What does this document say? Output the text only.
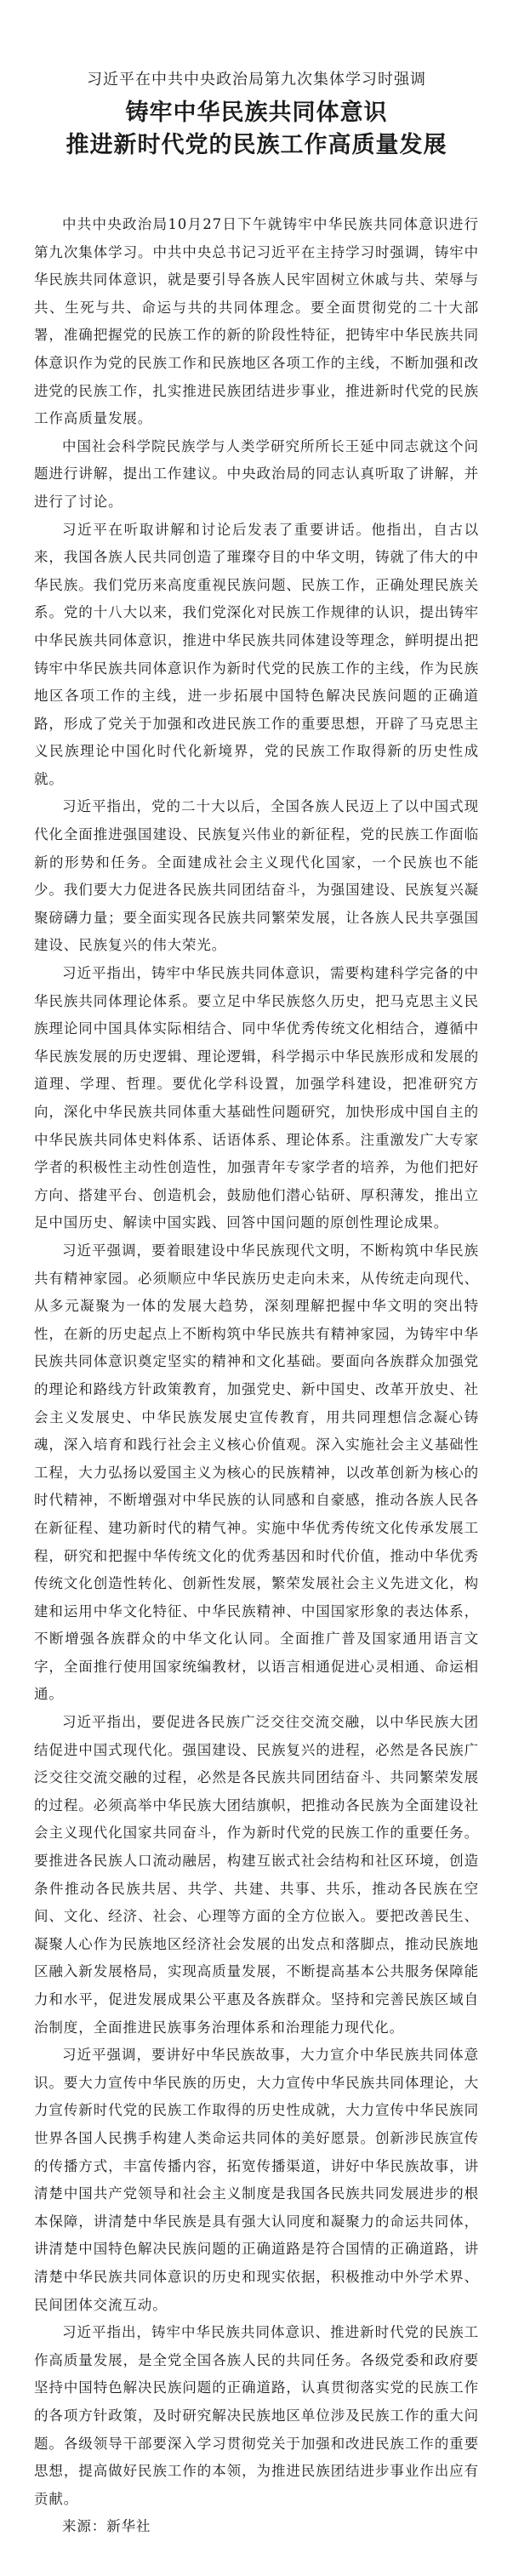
习近平在中共中央政治局第九次集体学习时强调
铸牢中华民族共同体意识
推进新时代党的民族工作高质量发展

中共中央政治局10月27日下午就铸牢中华民族共同体意识进行第九次集体学习。中共中央总书记习近平在主持学习时强调，铸牢中华民族共同体意识，就是要引导各族人民牢固树立休戚与共、荣辱与共、生死与共、命运与共的共同体理念。要全面贯彻党的二十大部署，准确把握党的民族工作的新的阶段性特征，把铸牢中华民族共同体意识作为党的民族工作和民族地区各项工作的主线，不断加强和改进党的民族工作，扎实推进民族团结进步事业，推进新时代党的民族工作高质量发展。

中国社会科学院民族学与人类学研究所所长王延中同志就这个问题进行讲解，提出工作建议。中央政治局的同志认真听取了讲解，并进行了讨论。

习近平在听取讲解和讨论后发表了重要讲话。他指出，自古以来，我国各族人民共同创造了璀璨夺目的中华文明，铸就了伟大的中华民族。我们党历来高度重视民族问题、民族工作，正确处理民族关系。党的十八大以来，我们党深化对民族工作规律的认识，提出铸牢中华民族共同体意识，推进中华民族共同体建设等理念，鲜明提出把铸牢中华民族共同体意识作为新时代党的民族工作的主线，作为民族地区各项工作的主线，进一步拓展中国特色解决民族问题的正确道路，形成了党关于加强和改进民族工作的重要思想，开辟了马克思主义民族理论中国化时代化新境界，党的民族工作取得新的历史性成就。

习近平指出，党的二十大以后，全国各族人民迈上了以中国式现代化全面推进强国建设、民族复兴伟业的新征程，党的民族工作面临新的形势和任务。全面建成社会主义现代化国家，一个民族也不能少。我们要大力促进各民族共同团结奋斗，为强国建设、民族复兴凝聚磅礴力量；要全面实现各民族共同繁荣发展，让各族人民共享强国建设、民族复兴的伟大荣光。

习近平指出，铸牢中华民族共同体意识，需要构建科学完备的中华民族共同体理论体系。要立足中华民族悠久历史，把马克思主义民族理论同中国具体实际相结合、同中华优秀传统文化相结合，遵循中华民族发展的历史逻辑、理论逻辑，科学揭示中华民族形成和发展的道理、学理、哲理。要优化学科设置，加强学科建设，把准研究方向，深化中华民族共同体重大基础性问题研究，加快形成中国自主的中华民族共同体史料体系、话语体系、理论体系。注重激发广大专家学者的积极性主动性创造性，加强青年专家学者的培养，为他们把好方向、搭建平台、创造机会，鼓励他们潜心钻研、厚积薄发，推出立足中国历史、解读中国实践、回答中国问题的原创性理论成果。

习近平强调，要着眼建设中华民族现代文明，不断构筑中华民族共有精神家园。必须顺应中华民族历史走向未来，从传统走向现代、从多元凝聚为一体的发展大趋势，深刻理解把握中华文明的突出特性，在新的历史起点上不断构筑中华民族共有精神家园，为铸牢中华民族共同体意识奠定坚实的精神和文化基础。要面向各族群众加强党的理论和路线方针政策教育，加强党史、新中国史、改革开放史、社会主义发展史、中华民族发展史宣传教育，用共同理想信念凝心铸魂，深入培育和践行社会主义核心价值观。深入实施社会主义基础性工程，大力弘扬以爱国主义为核心的民族精神，以改革创新为核心的时代精神，不断增强对中华民族的认同感和自豪感，推动各族人民各在新征程、建功新时代的精气神。实施中华优秀传统文化传承发展工程，研究和把握中华传统文化的优秀基因和时代价值，推动中华优秀传统文化创造性转化、创新性发展，繁荣发展社会主义先进文化，构建和运用中华文化特征、中华民族精神、中国国家形象的表达体系，不断增强各族群众的中华文化认同。全面推广普及国家通用语言文字，全面推行使用国家统编教材，以语言相通促进心灵相通、命运相通。

习近平指出，要促进各民族广泛交往交流交融，以中华民族大团结促进中国式现代化。强国建设、民族复兴的进程，必然是各民族广泛交往交流交融的过程，必然是各民族共同团结奋斗、共同繁荣发展的过程。必须高举中华民族大团结旗帜，把推动各民族为全面建设社会主义现代化国家共同奋斗，作为新时代党的民族工作的重要任务。要推进各民族人口流动融居，构建互嵌式社会结构和社区环境，创造条件推动各民族共居、共学、共建、共事、共乐，推动各民族在空间、文化、经济、社会、心理等方面的全方位嵌入。要把改善民生、凝聚人心作为民族地区经济社会发展的出发点和落脚点，推动民族地区融入新发展格局，实现高质量发展，不断提高基本公共服务保障能力和水平，促进发展成果公平惠及各族群众。坚持和完善民族区域自治制度，全面推进民族事务治理体系和治理能力现代化。

习近平强调，要讲好中华民族故事，大力宣介中华民族共同体意识。要大力宣传中华民族的历史，大力宣传中华民族共同体理论，大力宣传新时代党的民族工作取得的历史性成就，大力宣传中华民族同世界各国人民携手构建人类命运共同体的美好愿景。创新涉民族宣传的传播方式，丰富传播内容，拓宽传播渠道，讲好中华民族故事，讲清楚中国共产党领导和社会主义制度是我国各民族共同发展进步的根本保障，讲清楚中华民族是具有强大认同度和凝聚力的命运共同体，讲清楚中国特色解决民族问题的正确道路是符合国情的正确道路，讲清楚中华民族共同体意识的历史和现实依据，积极推动中外学术界、民间团体交流互动。

习近平指出，铸牢中华民族共同体意识、推进新时代党的民族工作高质量发展，是全党全国各族人民的共同任务。各级党委和政府要坚持中国特色解决民族问题的正确道路，认真贯彻落实党的民族工作的各项方针政策，及时研究解决民族地区单位涉及民族工作的重大问题。各级领导干部要深入学习贯彻党关于加强和改进民族工作的重要思想，提高做好民族工作的本领，为推进民族团结进步事业作出应有贡献。

来源：新华社
